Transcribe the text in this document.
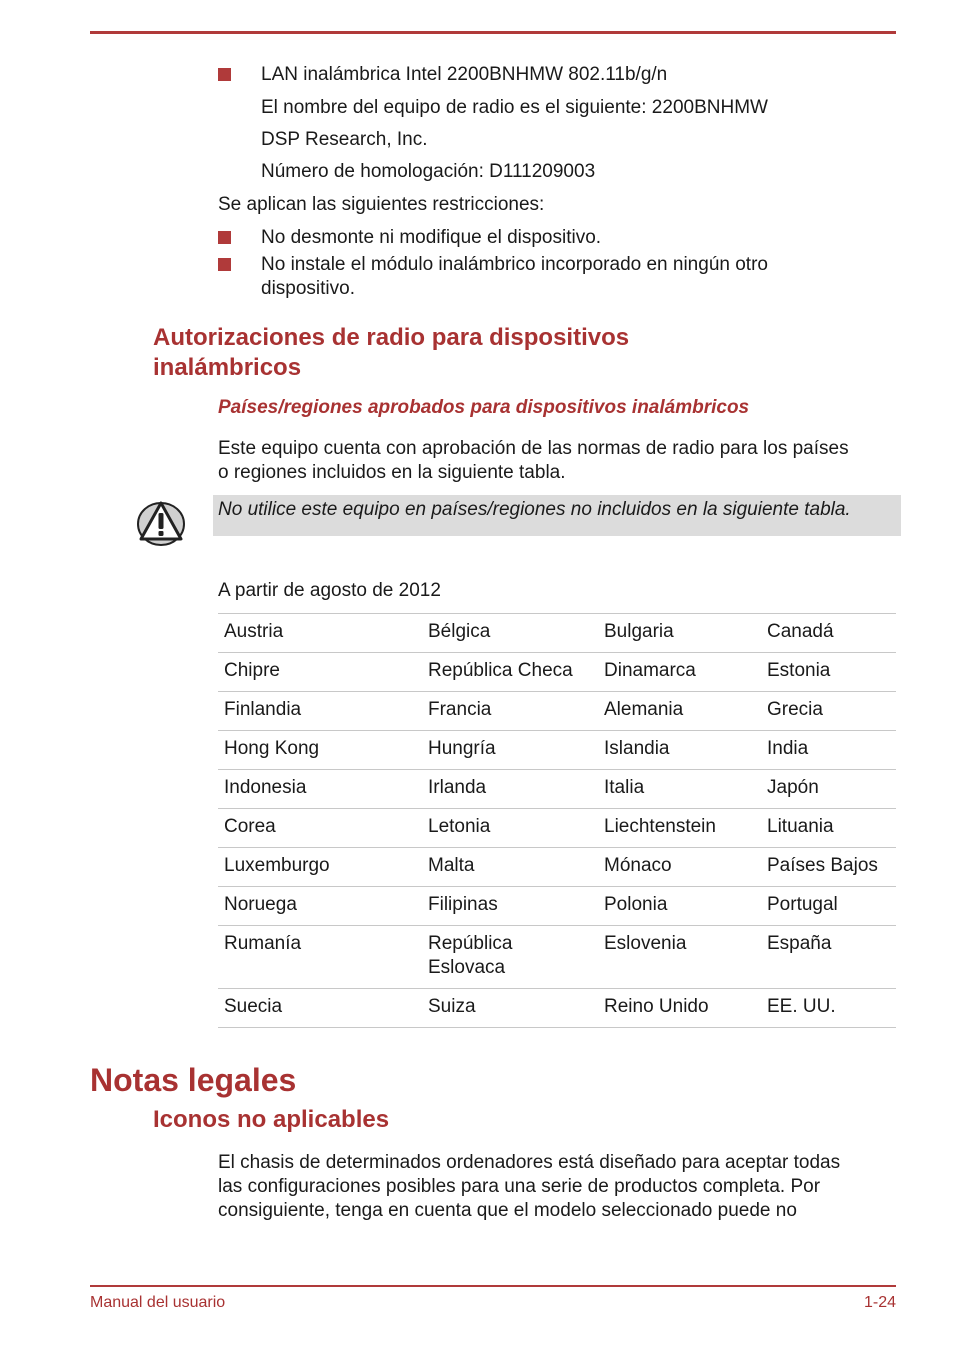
LAN inalámbrica Intel 2200BNHMW 802.11b/g/n
El nombre del equipo de radio es el siguiente: 2200BNHMW
DSP Research, Inc.
Número de homologación: D111209003
Se aplican las siguientes restricciones:
No desmonte ni modifique el dispositivo.
No instale el módulo inalámbrico incorporado en ningún otro
dispositivo.
Autorizaciones de radio para dispositivos
inalámbricos
Países/regiones aprobados para dispositivos inalámbricos
Este equipo cuenta con aprobación de las normas de radio para los países
o regiones incluidos en la siguiente tabla.
No utilice este equipo en países/regiones no incluidos en la siguiente tabla.
A partir de agosto de 2012
Austria	Bélgica	Bulgaria	Canadá
Chipre	República Checa	Dinamarca	Estonia
Finlandia	Francia	Alemania	Grecia
Hong Kong	Hungría	Islandia	India
Indonesia	Irlanda	Italia	Japón
Corea	Letonia	Liechtenstein	Lituania
Luxemburgo	Malta	Mónaco	Países Bajos
Noruega	Filipinas	Polonia	Portugal
Rumanía	República Eslovaca	Eslovenia	España
Suecia	Suiza	Reino Unido	EE. UU.
Notas legales
Iconos no aplicables
El chasis de determinados ordenadores está diseñado para aceptar todas
las configuraciones posibles para una serie de productos completa. Por
consiguiente, tenga en cuenta que el modelo seleccionado puede no
Manual del usuario	1-24
